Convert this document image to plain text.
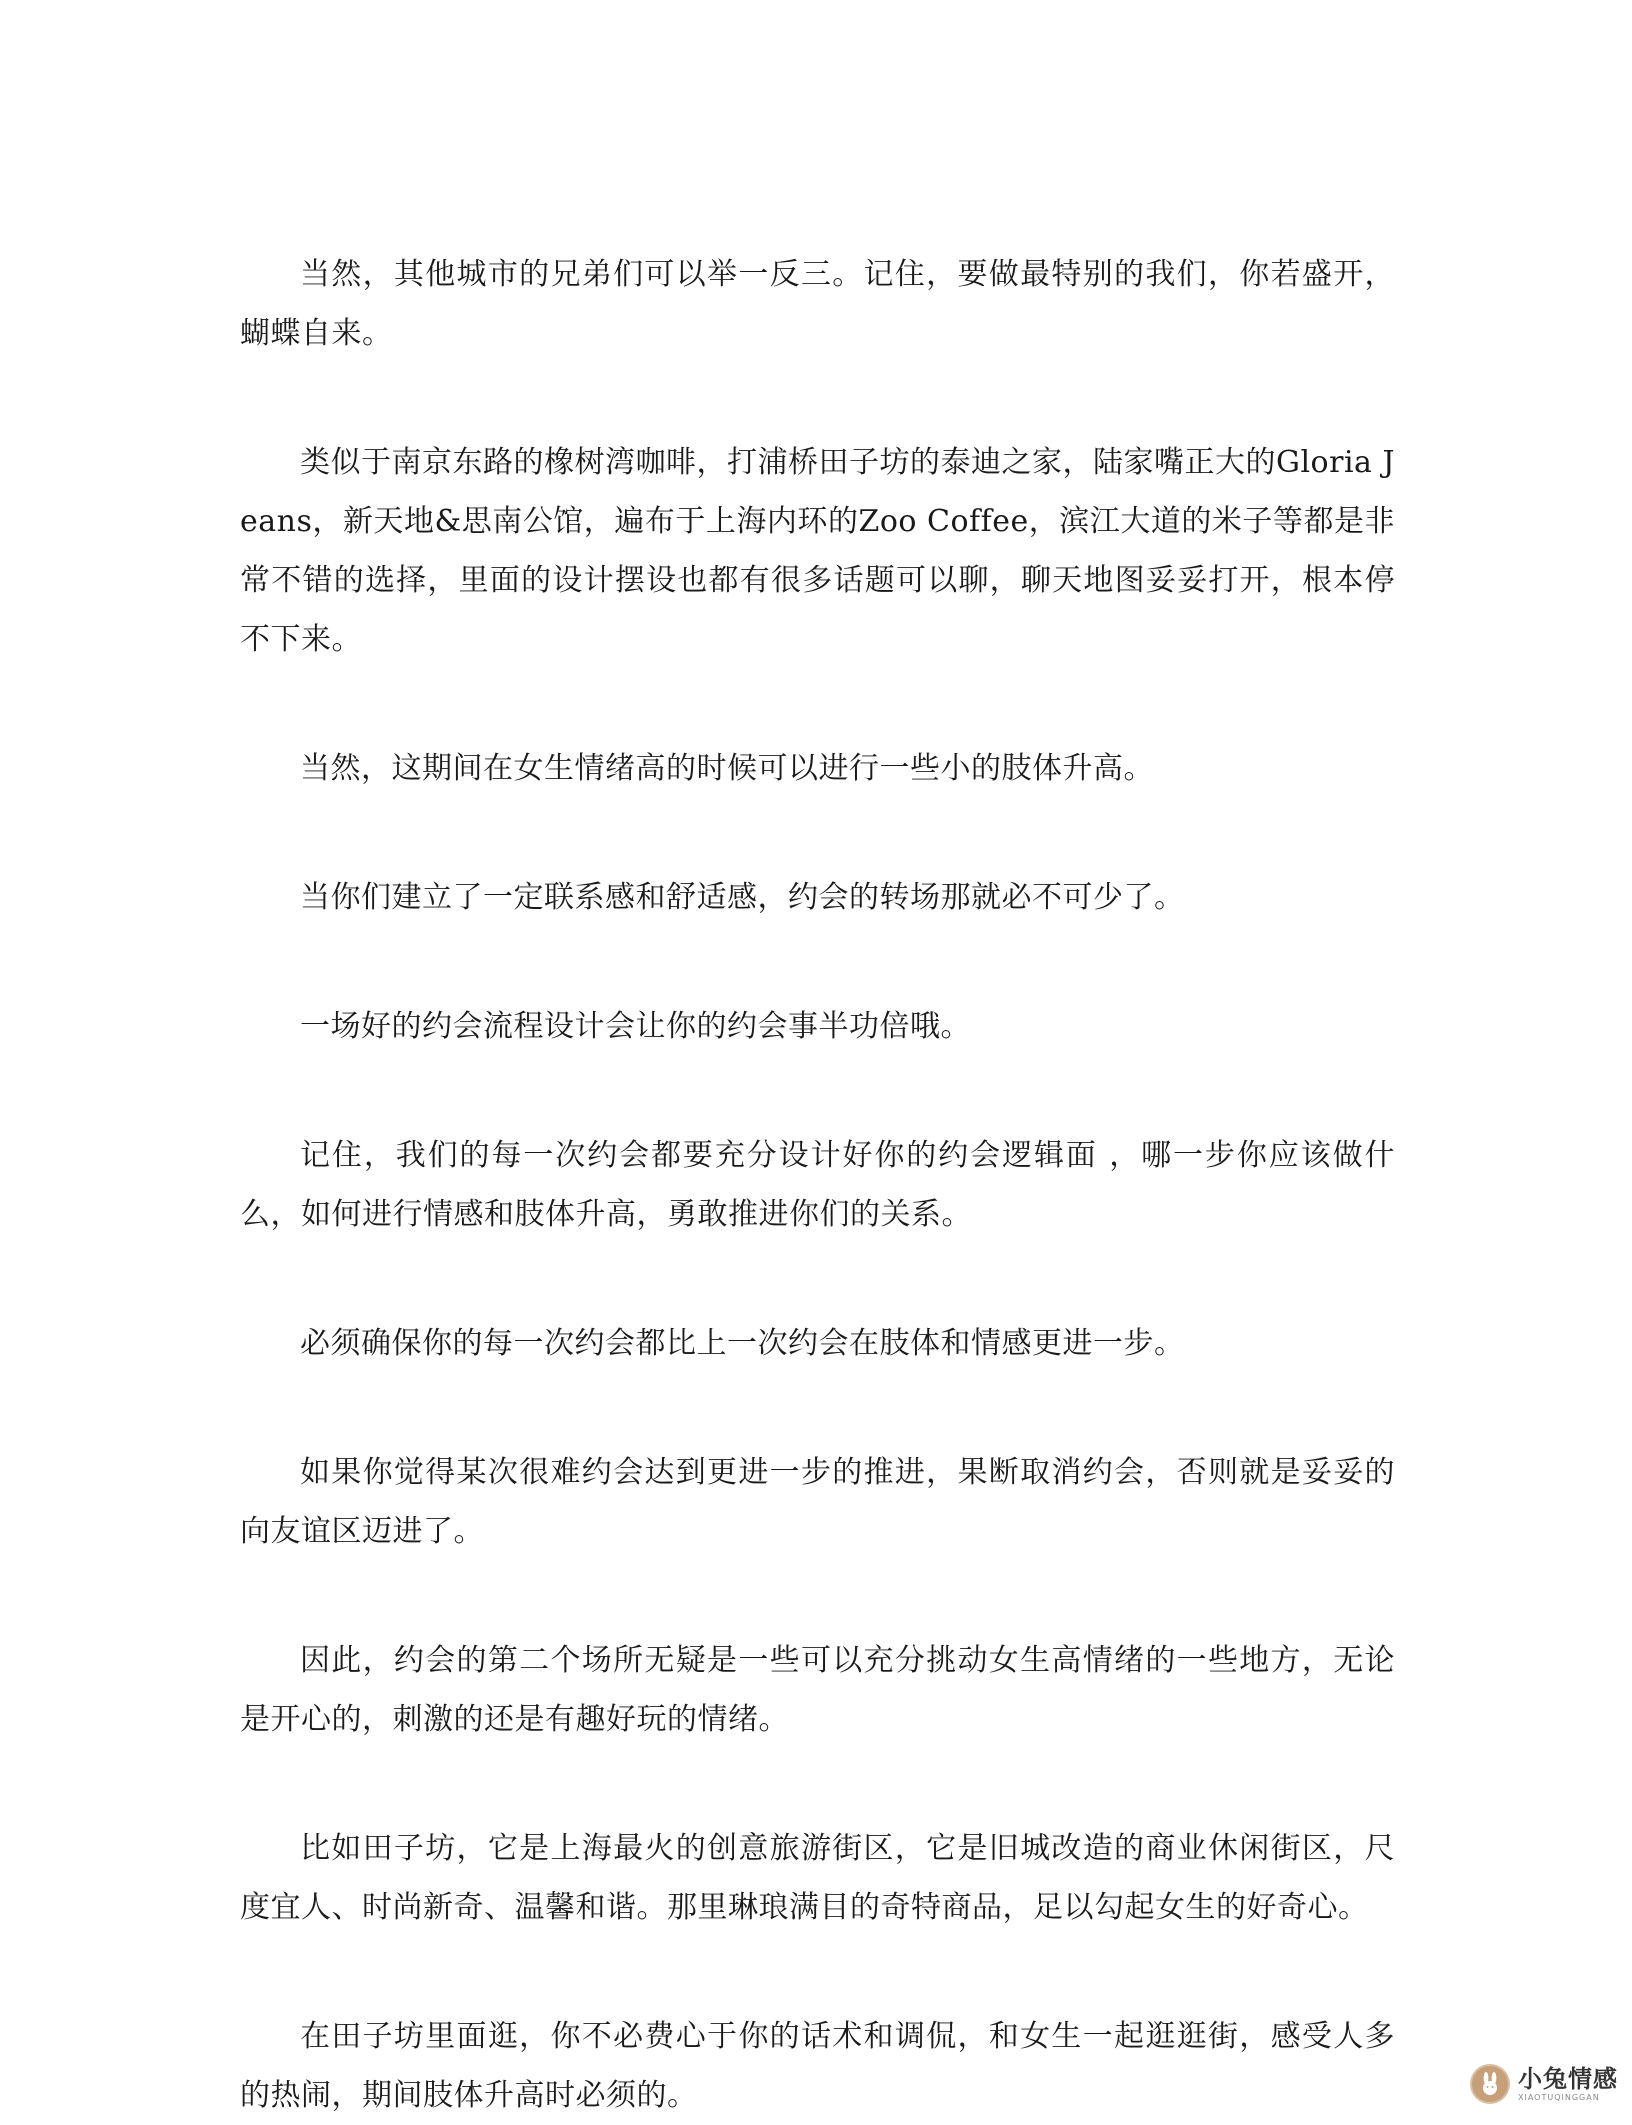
当然，其他城市的兄弟们可以举一反三。记住，要做最特别的我们，你若盛开，蝴蝶自来。

类似于南京东路的橡树湾咖啡，打浦桥田子坊的泰迪之家，陆家嘴正大的Gloria Jeans，新天地&思南公馆，遍布于上海内环的Zoo Coffee，滨江大道的米子等都是非常不错的选择，里面的设计摆设也都有很多话题可以聊，聊天地图妥妥打开，根本停不下来。

当然，这期间在女生情绪高的时候可以进行一些小的肢体升高。

当你们建立了一定联系感和舒适感，约会的转场那就必不可少了。

一场好的约会流程设计会让你的约会事半功倍哦。

记住，我们的每一次约会都要充分设计好你的约会逻辑面 ，哪一步你应该做什么，如何进行情感和肢体升高，勇敢推进你们的关系。

必须确保你的每一次约会都比上一次约会在肢体和情感更进一步。

如果你觉得某次很难约会达到更进一步的推进，果断取消约会，否则就是妥妥的向友谊区迈进了。

因此，约会的第二个场所无疑是一些可以充分挑动女生高情绪的一些地方，无论是开心的，刺激的还是有趣好玩的情绪。

比如田子坊，它是上海最火的创意旅游街区，它是旧城改造的商业休闲街区，尺度宜人、时尚新奇、温馨和谐。那里琳琅满目的奇特商品，足以勾起女生的好奇心。

在田子坊里面逛，你不必费心于你的话术和调侃，和女生一起逛逛街，感受人多的热闹，期间肢体升高时必须的。	小兔情感
XIAOTUQINGGAN
